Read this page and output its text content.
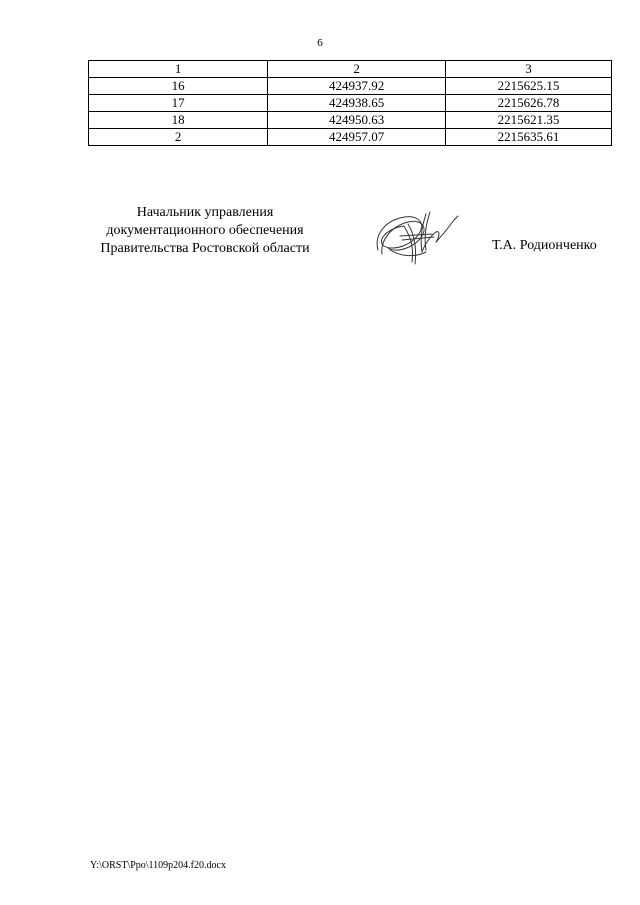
6
1	2	3
16	424937.92	2215625.15
17	424938.65	2215626.78
18	424950.63	2215621.35
2	424957.07	2215635.61
Начальник управления
документационного обеспечения
Правительства Ростовской области	Т.А. Родионченко
Y:\ORST\Ppo\1109p204.f20.docx
